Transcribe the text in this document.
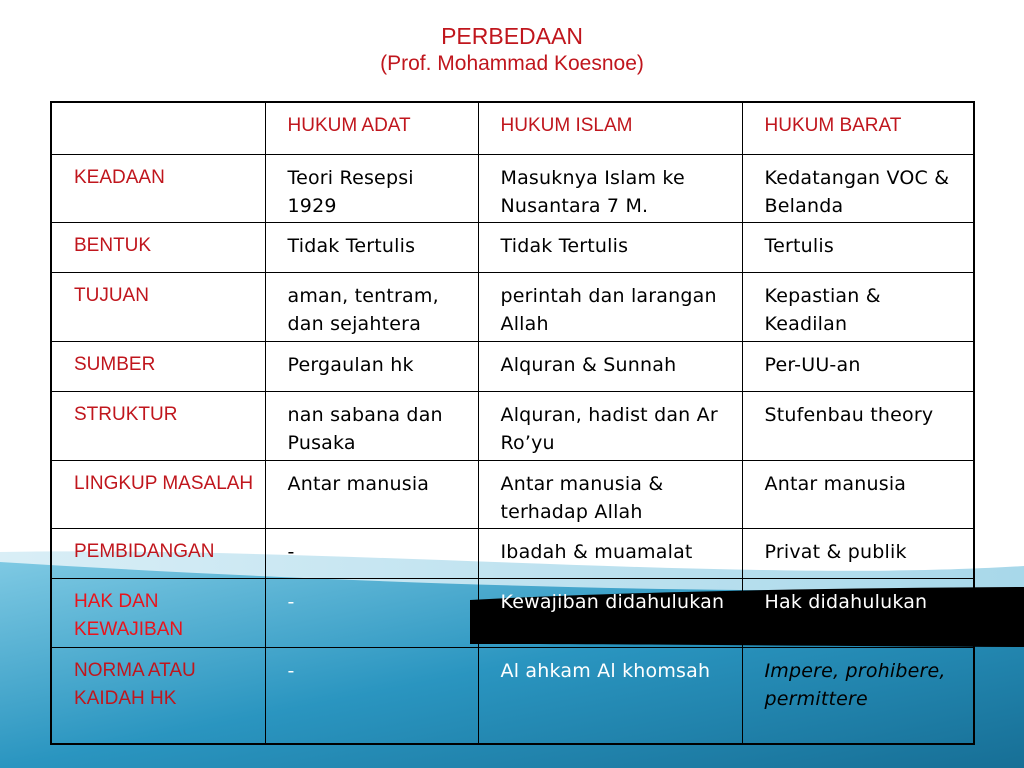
PERBEDAAN
(Prof. Mohammad Koesnoe)
	HUKUM ADAT	HUKUM ISLAM	HUKUM BARAT
KEADAAN	Teori Resepsi 1929	Masuknya Islam ke Nusantara 7 M.	Kedatangan VOC & Belanda
BENTUK	Tidak Tertulis	Tidak Tertulis	Tertulis
TUJUAN	aman, tentram, dan sejahtera	perintah dan larangan Allah	Kepastian & Keadilan
SUMBER	Pergaulan hk	Alquran & Sunnah	Per-UU-an
STRUKTUR	nan sabana dan Pusaka	Alquran, hadist dan Ar Ro’yu	Stufenbau theory
LINGKUP MASALAH	Antar manusia	Antar manusia & terhadap Allah	Antar manusia
PEMBIDANGAN	-	Ibadah & muamalat	Privat & publik
HAK DAN KEWAJIBAN	-	Kewajiban didahulukan	Hak didahulukan
NORMA ATAU KAIDAH HK	-	Al ahkam Al khomsah	Impere, prohibere, permittere
